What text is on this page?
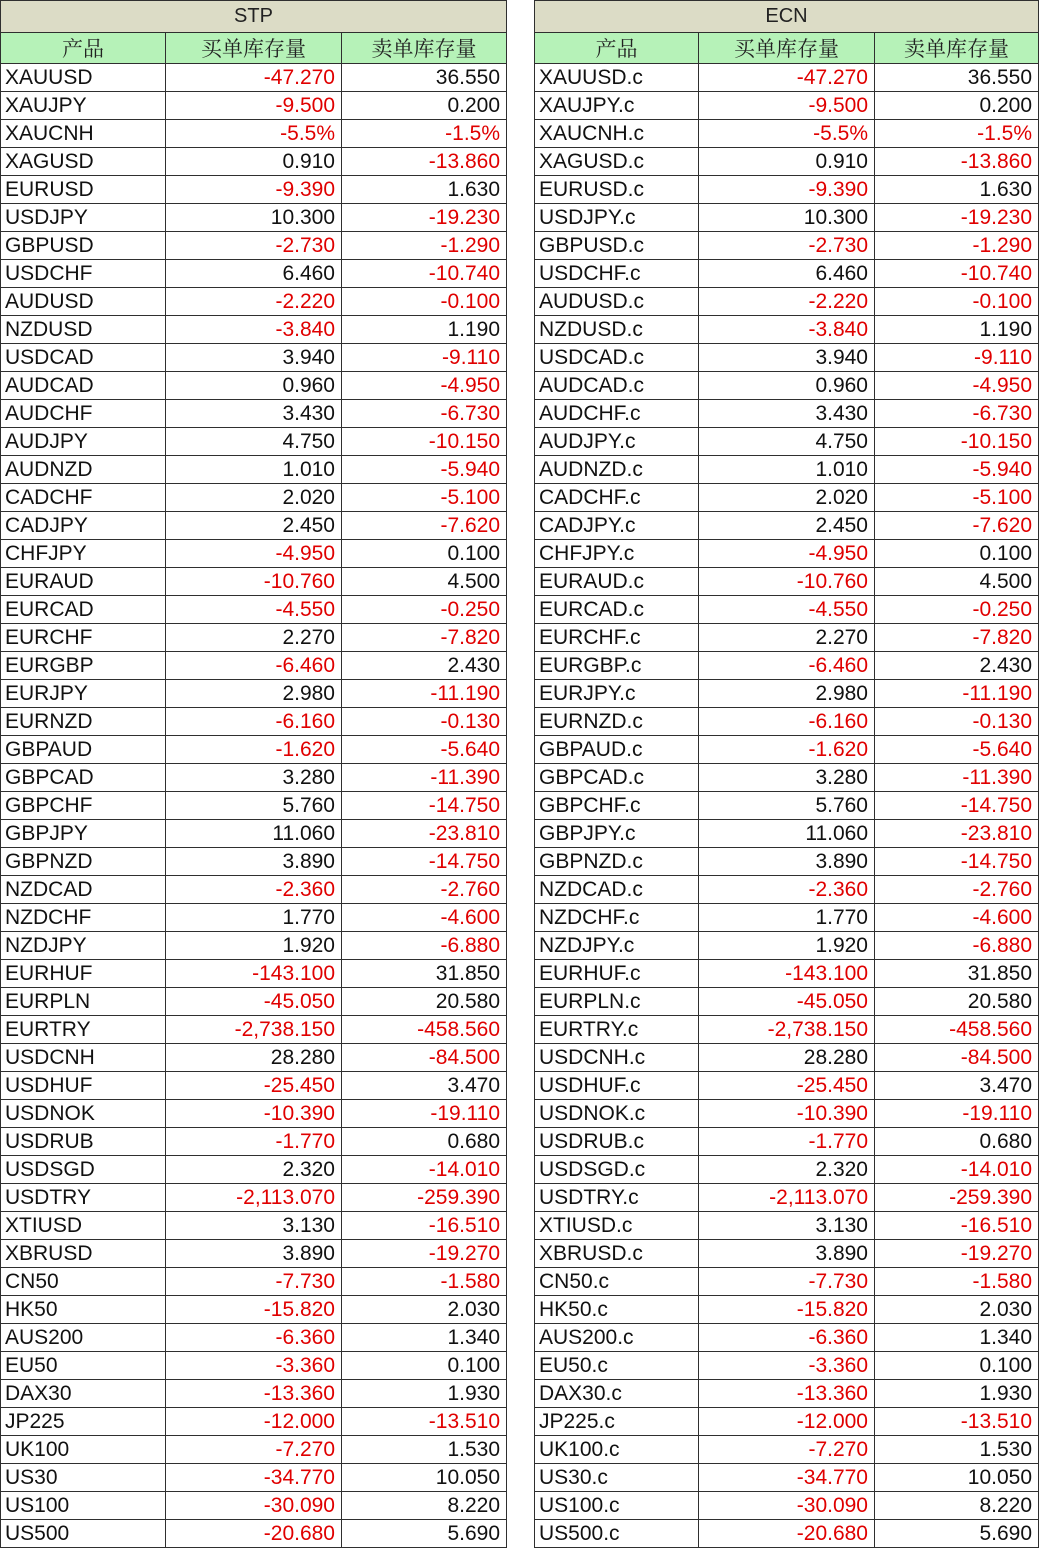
STP		
产品	买单库存量	卖单库存量
XAUUSD	-47.270	36.550
XAUJPY	-9.500	0.200
XAUCNH	-5.5%	-1.5%
XAGUSD	0.910	-13.860
EURUSD	-9.390	1.630
USDJPY	10.300	-19.230
GBPUSD	-2.730	-1.290
USDCHF	6.460	-10.740
AUDUSD	-2.220	-0.100
NZDUSD	-3.840	1.190
USDCAD	3.940	-9.110
AUDCAD	0.960	-4.950
AUDCHF	3.430	-6.730
AUDJPY	4.750	-10.150
AUDNZD	1.010	-5.940
CADCHF	2.020	-5.100
CADJPY	2.450	-7.620
CHFJPY	-4.950	0.100
EURAUD	-10.760	4.500
EURCAD	-4.550	-0.250
EURCHF	2.270	-7.820
EURGBP	-6.460	2.430
EURJPY	2.980	-11.190
EURNZD	-6.160	-0.130
GBPAUD	-1.620	-5.640
GBPCAD	3.280	-11.390
GBPCHF	5.760	-14.750
GBPJPY	11.060	-23.810
GBPNZD	3.890	-14.750
NZDCAD	-2.360	-2.760
NZDCHF	1.770	-4.600
NZDJPY	1.920	-6.880
EURHUF	-143.100	31.850
EURPLN	-45.050	20.580
EURTRY	-2,738.150	-458.560
USDCNH	28.280	-84.500
USDHUF	-25.450	3.470
USDNOK	-10.390	-19.110
USDRUB	-1.770	0.680
USDSGD	2.320	-14.010
USDTRY	-2,113.070	-259.390
XTIUSD	3.130	-16.510
XBRUSD	3.890	-19.270
CN50	-7.730	-1.580
HK50	-15.820	2.030
AUS200	-6.360	1.340
EU50	-3.360	0.100
DAX30	-13.360	1.930
JP225	-12.000	-13.510
UK100	-7.270	1.530
US30	-34.770	10.050
US100	-30.090	8.220
US500	-20.680	5.690
ECN		
产品	买单库存量	卖单库存量
XAUUSD.c	-47.270	36.550
XAUJPY.c	-9.500	0.200
XAUCNH.c	-5.5%	-1.5%
XAGUSD.c	0.910	-13.860
EURUSD.c	-9.390	1.630
USDJPY.c	10.300	-19.230
GBPUSD.c	-2.730	-1.290
USDCHF.c	6.460	-10.740
AUDUSD.c	-2.220	-0.100
NZDUSD.c	-3.840	1.190
USDCAD.c	3.940	-9.110
AUDCAD.c	0.960	-4.950
AUDCHF.c	3.430	-6.730
AUDJPY.c	4.750	-10.150
AUDNZD.c	1.010	-5.940
CADCHF.c	2.020	-5.100
CADJPY.c	2.450	-7.620
CHFJPY.c	-4.950	0.100
EURAUD.c	-10.760	4.500
EURCAD.c	-4.550	-0.250
EURCHF.c	2.270	-7.820
EURGBP.c	-6.460	2.430
EURJPY.c	2.980	-11.190
EURNZD.c	-6.160	-0.130
GBPAUD.c	-1.620	-5.640
GBPCAD.c	3.280	-11.390
GBPCHF.c	5.760	-14.750
GBPJPY.c	11.060	-23.810
GBPNZD.c	3.890	-14.750
NZDCAD.c	-2.360	-2.760
NZDCHF.c	1.770	-4.600
NZDJPY.c	1.920	-6.880
EURHUF.c	-143.100	31.850
EURPLN.c	-45.050	20.580
EURTRY.c	-2,738.150	-458.560
USDCNH.c	28.280	-84.500
USDHUF.c	-25.450	3.470
USDNOK.c	-10.390	-19.110
USDRUB.c	-1.770	0.680
USDSGD.c	2.320	-14.010
USDTRY.c	-2,113.070	-259.390
XTIUSD.c	3.130	-16.510
XBRUSD.c	3.890	-19.270
CN50.c	-7.730	-1.580
HK50.c	-15.820	2.030
AUS200.c	-6.360	1.340
EU50.c	-3.360	0.100
DAX30.c	-13.360	1.930
JP225.c	-12.000	-13.510
UK100.c	-7.270	1.530
US30.c	-34.770	10.050
US100.c	-30.090	8.220
US500.c	-20.680	5.690
